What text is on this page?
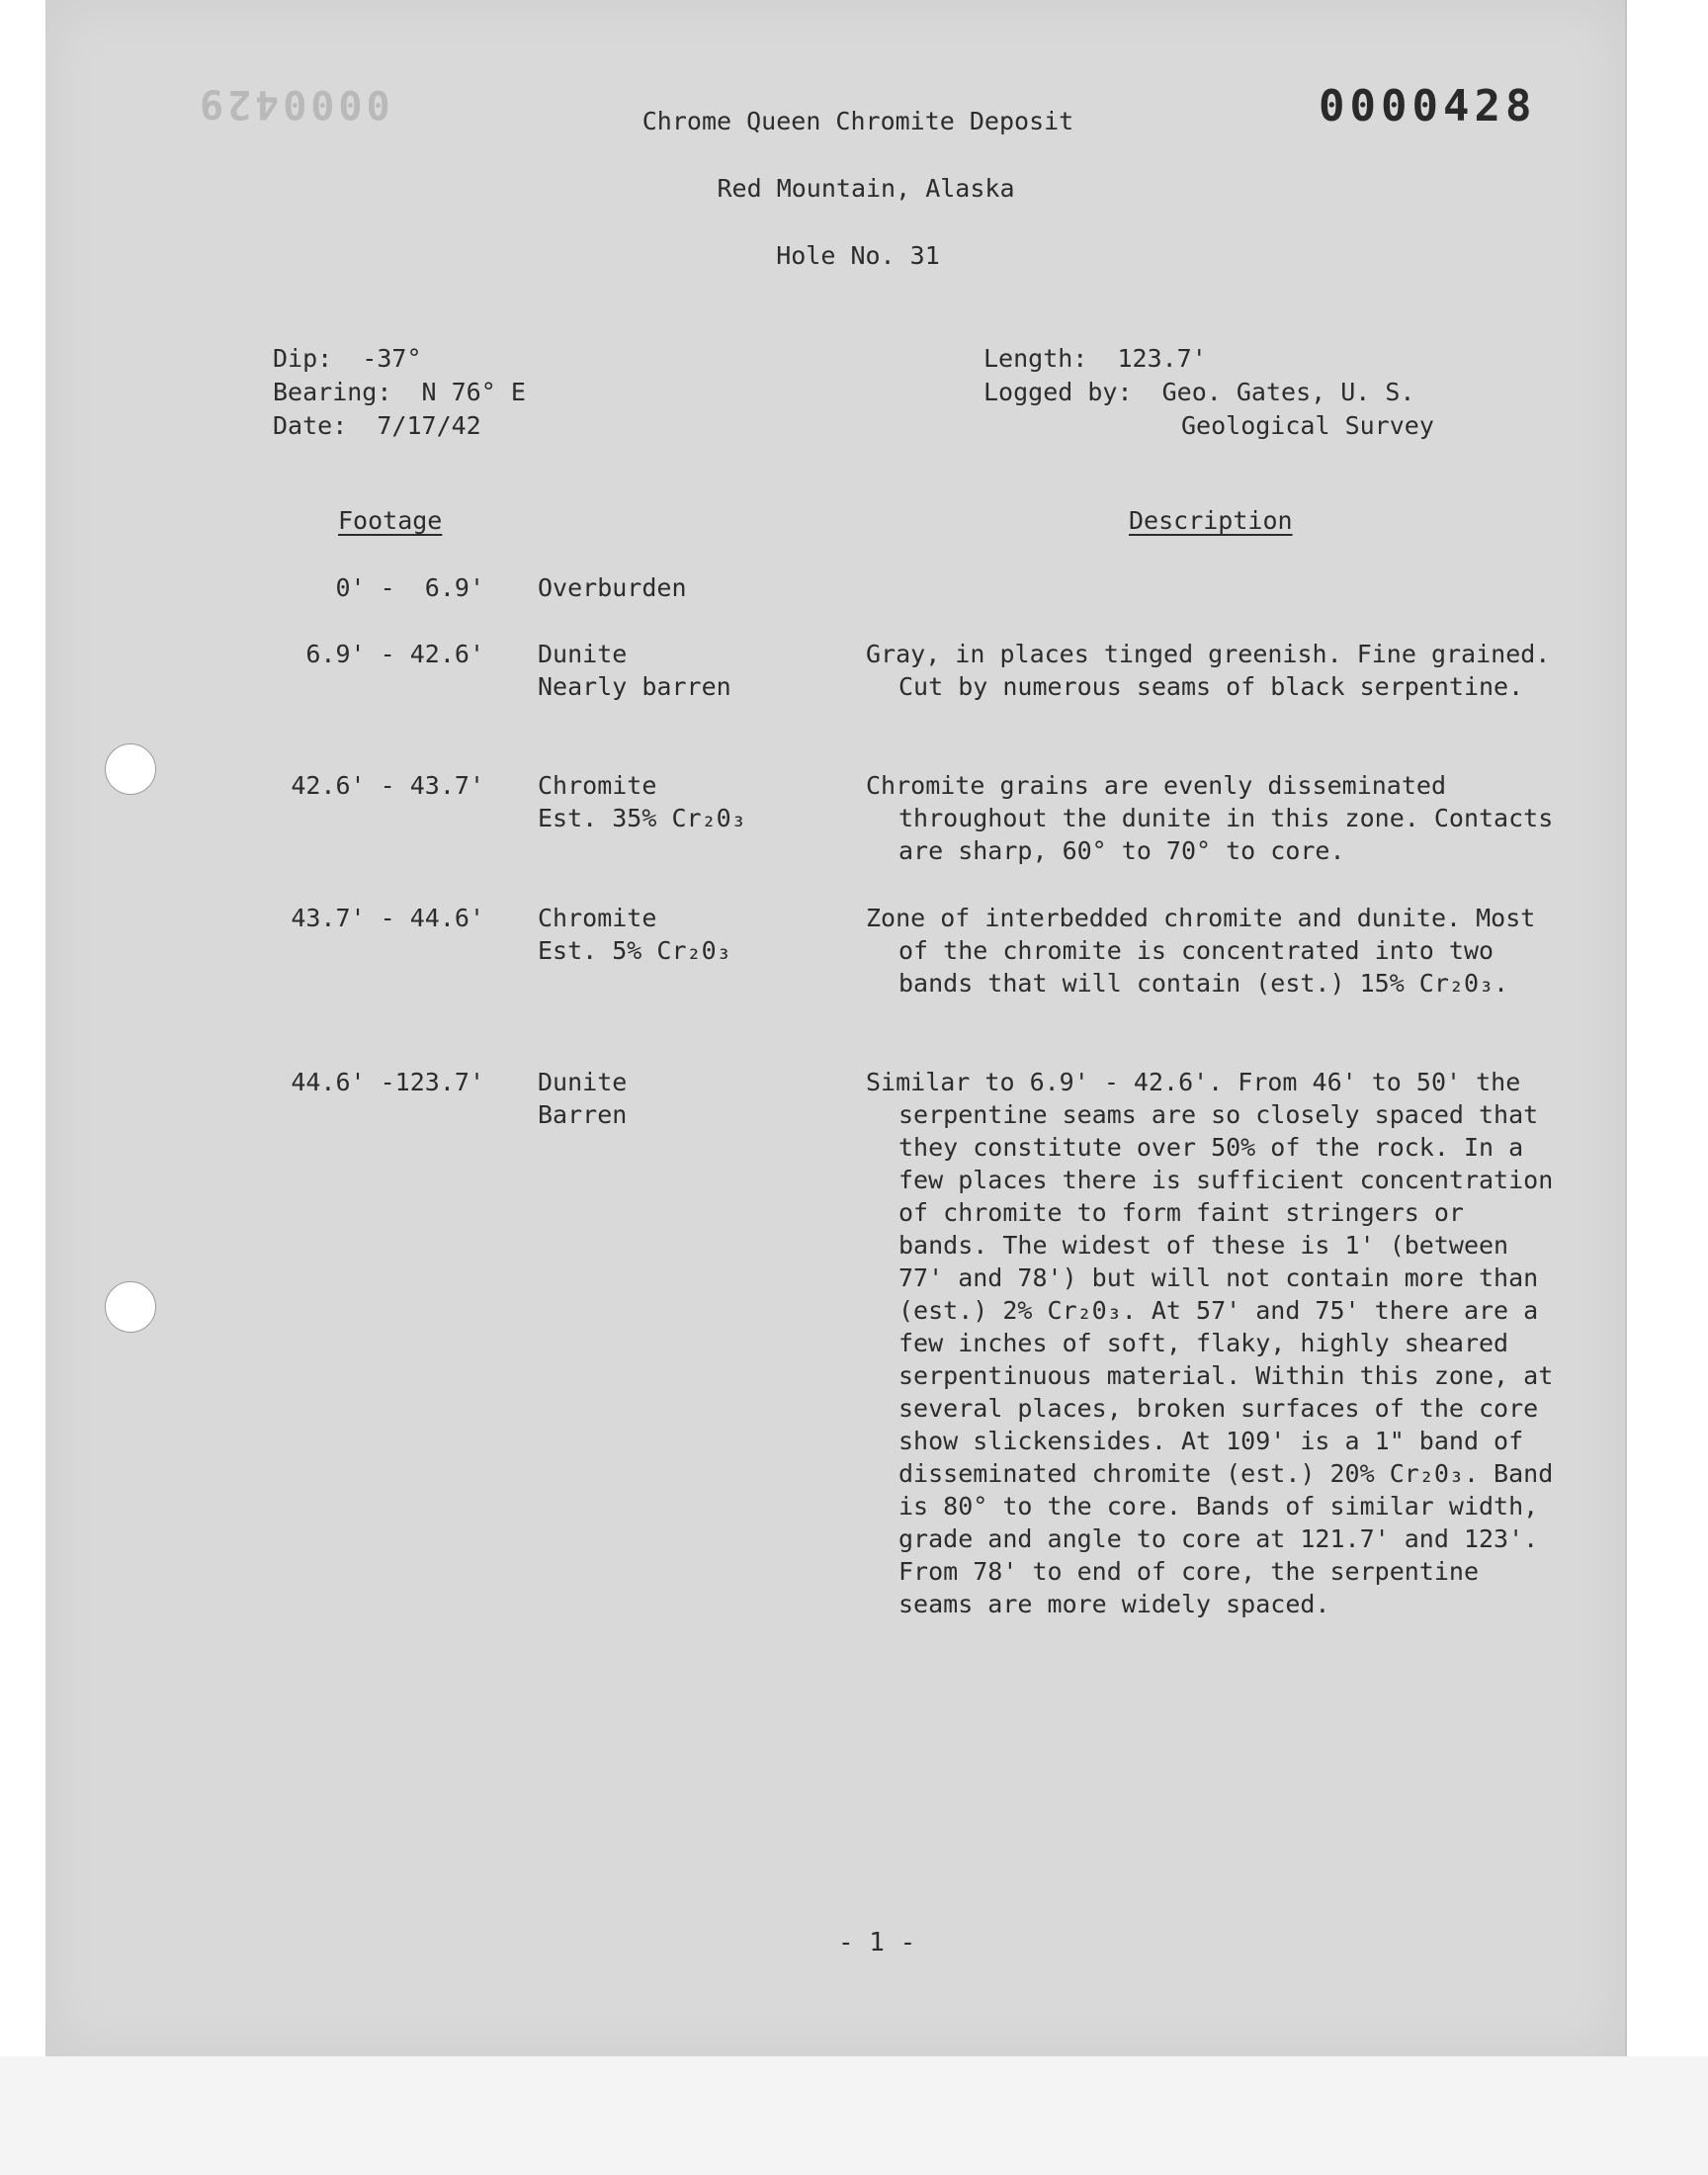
0000429	0000428
Chrome Queen Chromite Deposit
Red Mountain, Alaska
Hole No. 31
Dip:  -37°
Bearing:  N 76° E
Date:  7/17/42
Length:  123.7'
Logged by:  Geo. Gates, U. S.
Geological Survey
Footage	Description
0' -  6.9' Overburden
6.9' - 42.6' Dunite
Nearly barren

Gray, in places tinged greenish. Fine grained. Cut by numerous seams of black serpentine.

42.6' - 43.7' Chromite
Est. 35% Cr₂0₃

Chromite grains are evenly disseminated throughout the dunite in this zone. Contacts are sharp, 60° to 70° to core.

43.7' - 44.6' Chromite
Est. 5% Cr₂0₃

Zone of interbedded chromite and dunite. Most of the chromite is concentrated into two bands that will contain (est.) 15% Cr₂0₃.

44.6' -123.7' Dunite
Barren

Similar to 6.9' - 42.6'. From 46' to 50' the serpentine seams are so closely spaced that they constitute over 50% of the rock. In a few places there is sufficient concentration of chromite to form faint stringers or bands. The widest of these is 1' (between 77' and 78') but will not contain more than (est.) 2% Cr₂0₃. At 57' and 75' there are a few inches of soft, flaky, highly sheared serpentinuous material. Within this zone, at several places, broken surfaces of the core show slickensides. At 109' is a 1" band of disseminated chromite (est.) 20% Cr₂0₃. Band is 80° to the core. Bands of similar width, grade and angle to core at 121.7' and 123'. From 78' to end of core, the serpentine seams are more widely spaced.

- 1 -
